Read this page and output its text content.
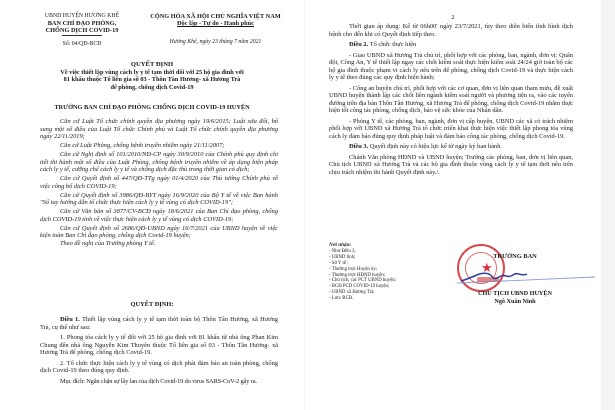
UBND HUYỆN HƯƠNG KHÊ
BAN CHỈ ĐẠO PHÒNG,
CHỐNG DỊCH COVID-19
Số: 04/QĐ-BCĐ
CỘNG HÒA XÃ HỘI CHỦ NGHĨA VIỆT NAM
Độc lập - Tự do - Hạnh phúc
Hương Khê, ngày 23 tháng 7 năm 2021
QUYẾT ĐỊNH
Về việc thiết lập vùng cách ly y tế tạm thời đối với 25 hộ gia đình với
81 khẩu thuộc Tổ liên gia số 03 - Thôn Tân Hương- xã Hương Trà
để phòng, chống dịch Covid-19
TRƯỞNG BAN CHỈ ĐẠO PHÒNG CHỐNG DỊCH COVID-19 HUYỆN
Căn cứ Luật Tổ chức chính quyền địa phương ngày 19/6/2015; Luật sửa đổi, bổ sung một số điều của Luật Tổ chức Chính phủ và Luật Tổ chức chính quyền địa phương ngày 22/11/2019;
Căn cứ Luật Phòng, chống bệnh truyền nhiễm ngày 21/11/2007;
Căn cứ Nghị định số 101/2010/NĐ-CP ngày 30/9/2010 của Chính phủ quy định chi tiết thi hành một số điều của Luật Phòng, chống bệnh truyền nhiễm về áp dụng biện pháp cách ly y tế, cưỡng chế cách ly y tế và chống dịch đặc thù trong thời gian có dịch;
Căn cứ Quyết định số 447/QĐ-TTg ngày 01/4/2020 của Thủ tướng Chính phủ về việc công bố dịch COVID-19;
Căn cứ Quyết định số 3986/QĐ-BYT ngày 16/9/2020 của Bộ Y tế về việc Ban hành "Sổ tay hướng dẫn tổ chức thực hiện cách ly y tế vùng có dịch COVID-19";
Căn cứ Văn bản số 3877/CV-BCĐ ngày 18/6/2021 của Ban Chỉ đạo phòng, chống dịch COVID-19 tỉnh về việc thực hiện cách ly y tế vùng có dịch COVID-19;
Căn cứ Quyết định số 2686/QĐ-UBND ngày 16/7/2021 của UBND huyện về việc kiện toàn Ban Chỉ đạo phòng, chống dịch Covid-19 huyện;
Theo đề nghị của Trưởng phòng Y tế.
QUYẾT ĐỊNH:
Điều 1. Thiết lập vùng cách ly y tế tạm thời toàn bộ Thôn Tân Hương, xã Hương Trà, cụ thể như sau:
1. Phong tỏa cách ly y tế đối với 25 hộ gia đình với 81 khẩu từ nhà ông Phan Kim Chung đến nhà ông Nguyễn Kim Thuyên thuộc Tổ liên gia số 03 - Thôn Tân Hương- xã Hương Trà để phòng, chống dịch Covid-19.
2. Tổ chức thực hiện cách ly y tế vùng có dịch phải đảm bảo an toàn phòng, chống dịch Covid-19 theo đúng quy định.
Mục đích: Ngăn chặn sự lây lan của dịch Covid-19 do virus SARS-CoV-2 gây ra.
2
Thời gian áp dụng: Kể từ 06h00' ngày 23/7/2021, tùy theo diễn biến tình hình dịch bệnh cho đến khi có Quyết định tiếp theo.
Điều 2. Tổ chức thực hiện
- Giao UBND xã Hương Trà chủ trì, phối hợp với các phòng, ban, ngành, đơn vị: Quân đội, Công An, Y tế thiết lập ngay các chốt kiểm soát thực hiện kiểm soát 24/24 giờ toàn bộ các hộ gia đình thuộc phạm vi cách ly nêu trên để phòng, chống dịch Covid-19 và thực hiện cách ly y tế theo đúng các quy định hiện hành;
- Công an huyện chủ trì, phối hợp với các cơ quan, đơn vị liên quan tham mưu, đề xuất UBND huyện thành lập các chốt liên ngành kiểm soát người và phương tiện ra, vào các tuyến đường trên địa bàn Thôn Tân Hương, xã Hương Trà để phòng, chống dịch Covid-19 nhằm thực hiện tốt công tác phòng, chống dịch, bảo vệ sức khỏe của Nhân dân.
- Phòng Y tế, các phòng, ban, ngành, đơn vị cấp huyện, UBND các xã có trách nhiệm phối hợp với UBND xã Hương Trà tổ chức triển khai thực hiện việc thiết lập phong tỏa vùng cách ly đảm bảo đúng quy định pháp luật và đảm bảo công tác phòng, chống dịch Covid-19.
Điều 3. Quyết định này có hiệu lực kể từ ngày ký ban hành.
Chánh Văn phòng HĐND và UBND huyện; Trưởng các phòng, ban, đơn vị liên quan, Chủ tịch UBND xã Hương Trà và các hộ gia đình thuộc vùng cách ly y tế tạm thời nêu trên chịu trách nhiệm thi hành Quyết định này./.
Nơi nhận:
- Như Điều 3;
- UBND tỉnh;
- Sở Y tế ;
- Thường trực Huyện ủy;
- Thường trực HĐND huyện;
- Chủ tịch, các PCT UBND huyện;
- BCĐ PCD COVID-19 huyện;
- UBND xã Hương Trà;
- Lưu: BCĐ.
★
TRƯỞNG BAN
CHỦ TỊCH UBND HUYỆN
Ngô Xuân Ninh
